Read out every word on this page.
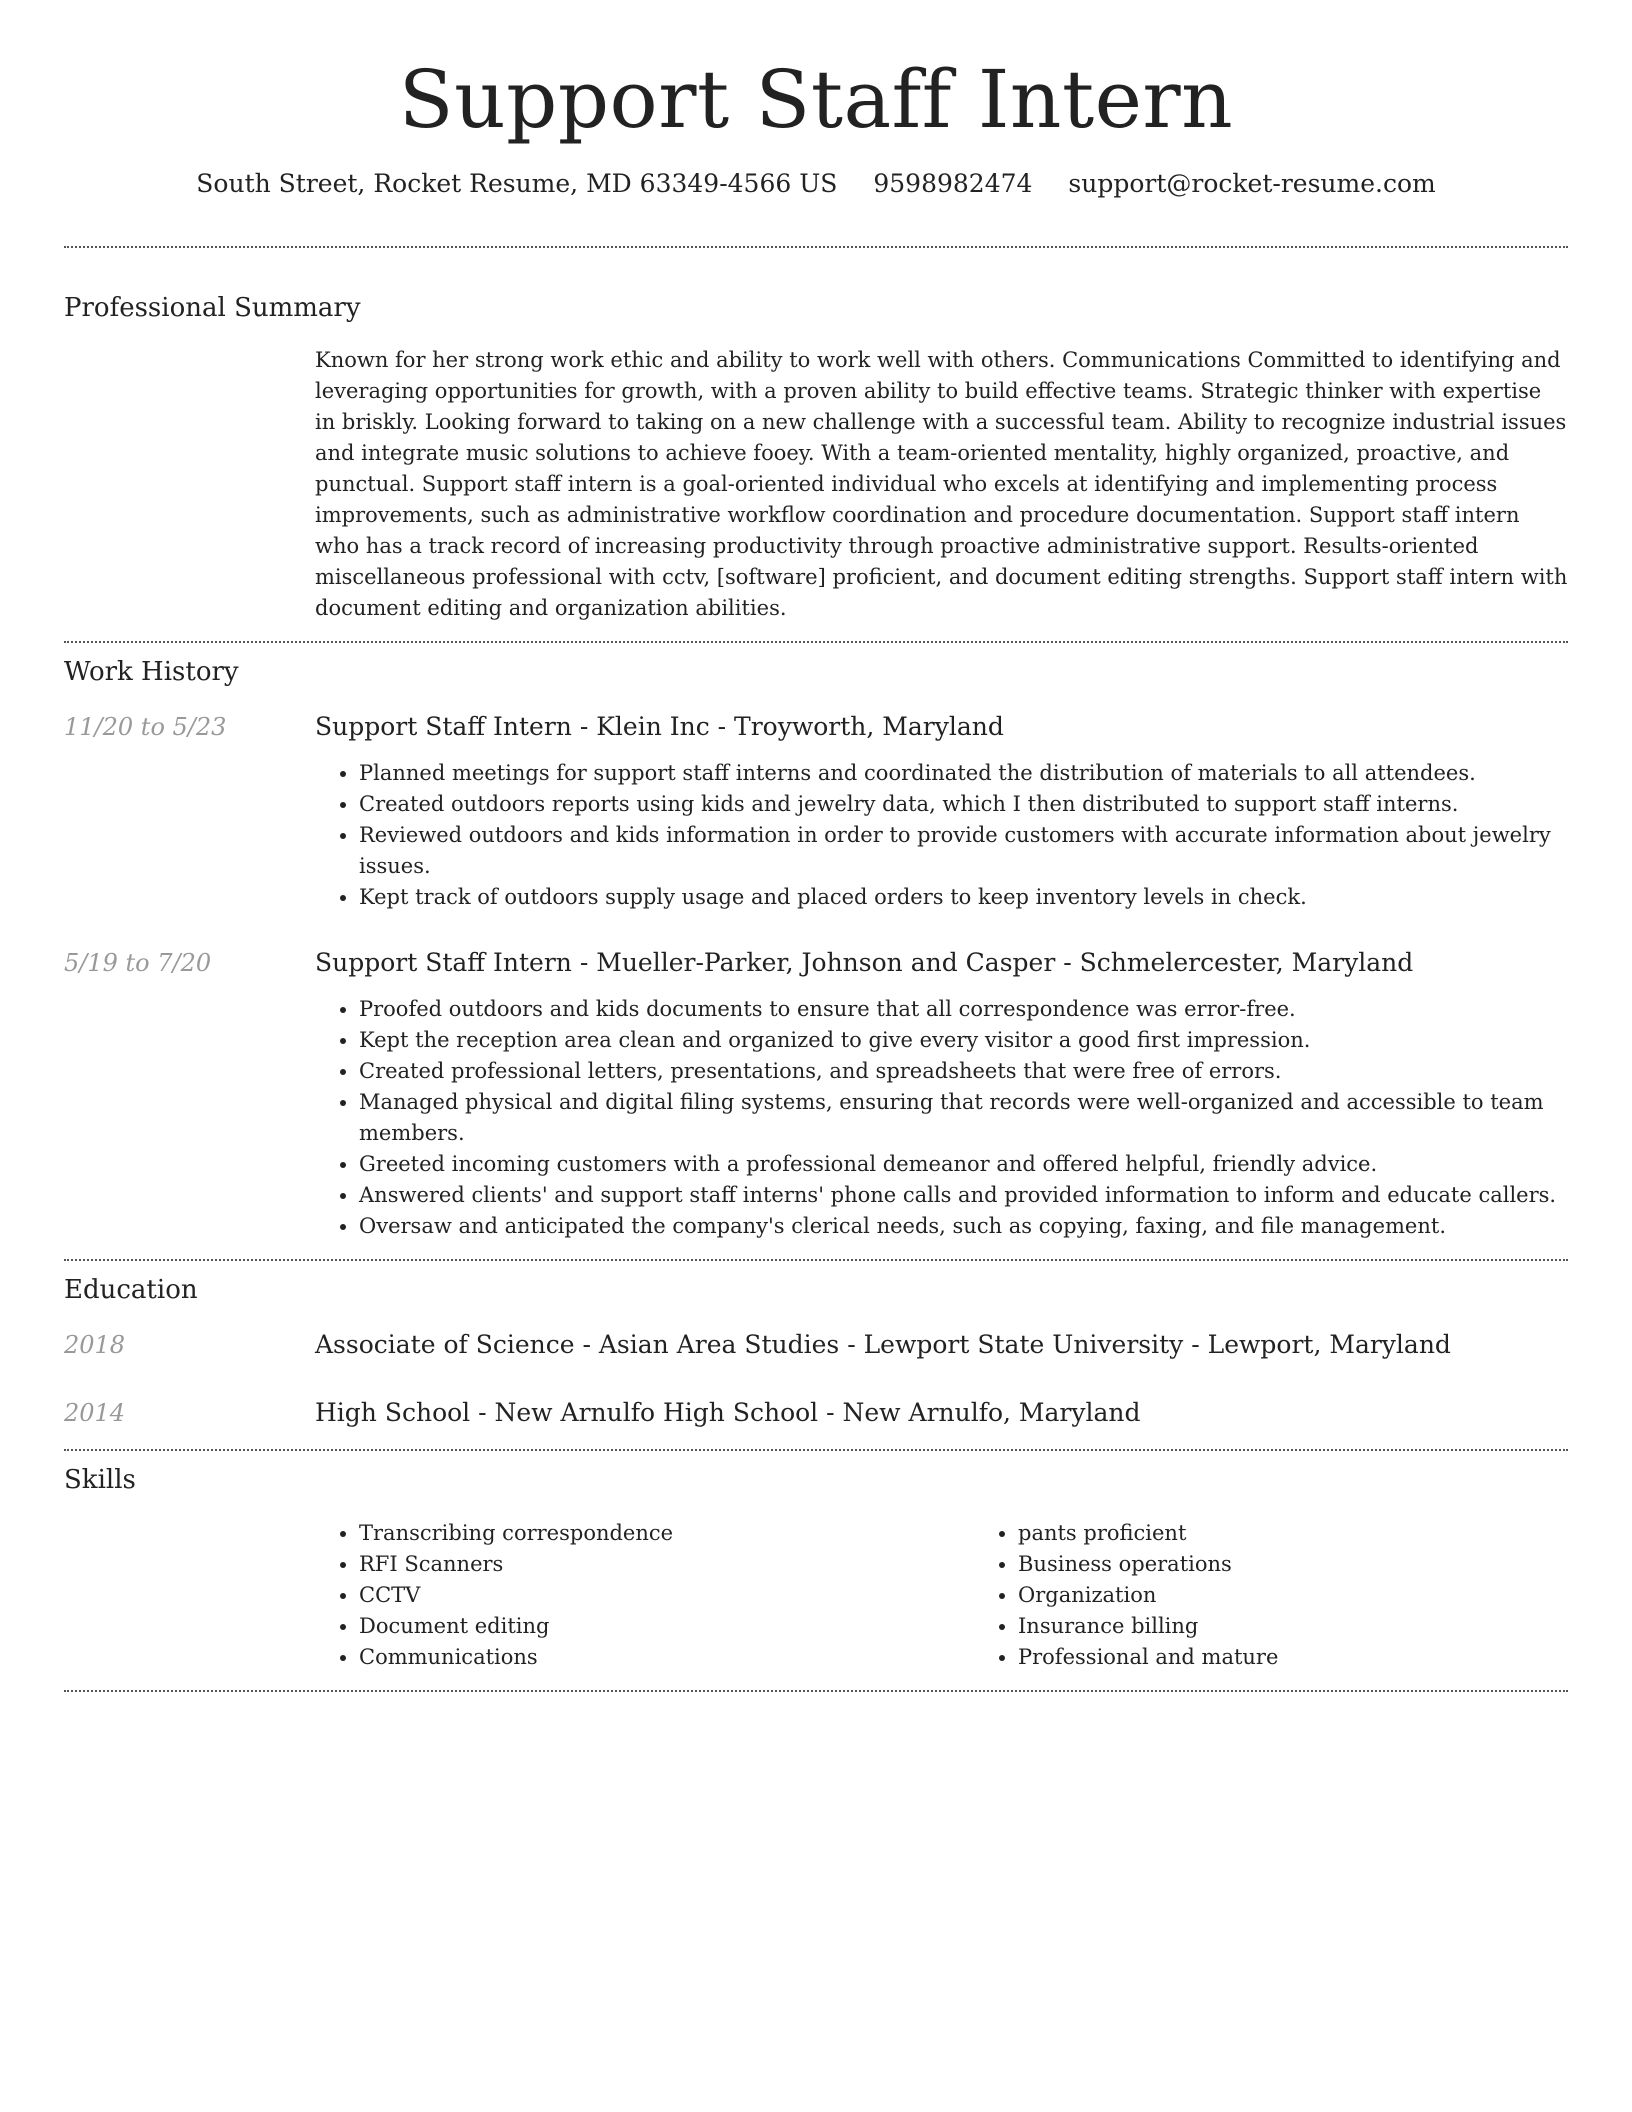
Support Staff Intern
South Street, Rocket Resume, MD 63349-4566 US 9598982474 support@rocket-resume.com
Professional Summary

Known for her strong work ethic and ability to work well with others. Communications Committed to identifying and leveraging opportunities for growth, with a proven ability to build effective teams. Strategic thinker with expertise in briskly. Looking forward to taking on a new challenge with a successful team. Ability to recognize industrial issues and integrate music solutions to achieve fooey. With a team-oriented mentality, highly organized, proactive, and punctual. Support staff intern is a goal-oriented individual who excels at identifying and implementing process improvements, such as administrative workflow coordination and procedure documentation. Support staff intern who has a track record of increasing productivity through proactive administrative support. Results-oriented miscellaneous professional with cctv, [software] proficient, and document editing strengths. Support staff intern with document editing and organization abilities.

Work History
11/20 to 5/23	Support Staff Intern - Klein Inc - Troyworth, Maryland
• Planned meetings for support staff interns and coordinated the distribution of materials to all attendees.
• Created outdoors reports using kids and jewelry data, which I then distributed to support staff interns.
• Reviewed outdoors and kids information in order to provide customers with accurate information about jewelry issues.
• Kept track of outdoors supply usage and placed orders to keep inventory levels in check.
5/19 to 7/20	Support Staff Intern - Mueller-Parker, Johnson and Casper - Schmelercester, Maryland
• Proofed outdoors and kids documents to ensure that all correspondence was error-free.
• Kept the reception area clean and organized to give every visitor a good first impression.
• Created professional letters, presentations, and spreadsheets that were free of errors.
• Managed physical and digital filing systems, ensuring that records were well-organized and accessible to team members.
• Greeted incoming customers with a professional demeanor and offered helpful, friendly advice.
• Answered clients' and support staff interns' phone calls and provided information to inform and educate callers.
• Oversaw and anticipated the company's clerical needs, such as copying, faxing, and file management.
Education
2018	Associate of Science - Asian Area Studies - Lewport State University - Lewport, Maryland
2014	High School - New Arnulfo High School - New Arnulfo, Maryland
Skills
• Transcribing correspondence
• RFI Scanners
• CCTV
• Document editing
• Communications
• pants proficient
• Business operations
• Organization
• Insurance billing
• Professional and mature
